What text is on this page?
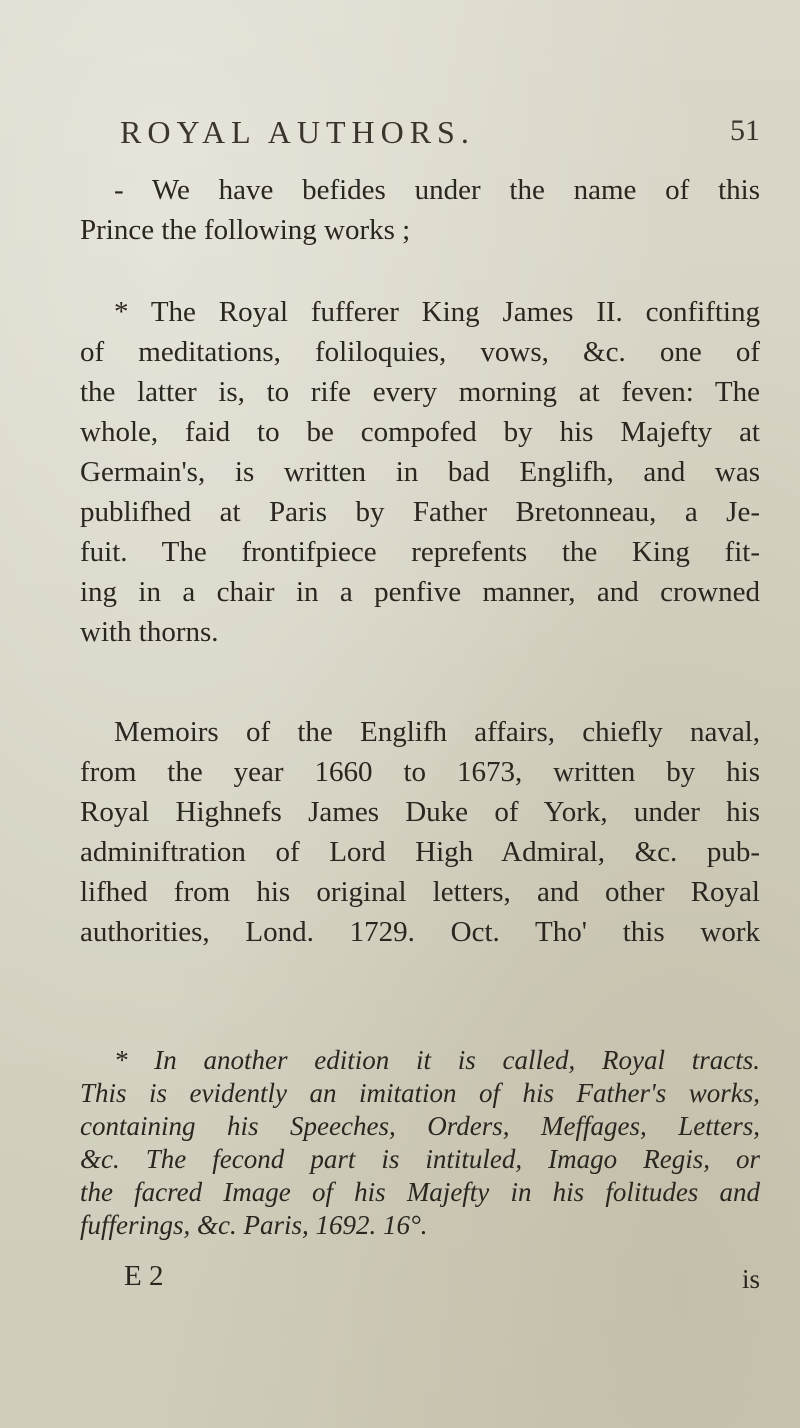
ROYAL AUTHORS.	51
- We have befides under the name of this
Prince the following works ;
* The Royal fufferer King James II. confifting
of meditations, foliloquies, vows, &c. one of
the latter is, to rife every morning at feven: The
whole, faid to be compofed by his Majefty at
Germain's, is written in bad Englifh, and was
publifhed at Paris by Father Bretonneau, a Je-
fuit. The frontifpiece reprefents the King fit-
ing in a chair in a penfive manner, and crowned
with thorns.
Memoirs of the Englifh affairs, chiefly naval,
from the year 1660 to 1673, written by his
Royal Highnefs James Duke of York, under his
adminiftration of Lord High Admiral, &c. pub-
lifhed from his original letters, and other Royal
authorities, Lond. 1729. Oct. Tho' this work
* In another edition it is called, Royal tracts.
This is evidently an imitation of his Father's works,
containing his Speeches, Orders, Meffages, Letters,
&c. The fecond part is intituled, Imago Regis, or
the facred Image of his Majefty in his folitudes and
fufferings, &c. Paris, 1692. 16°.
E 2	is
